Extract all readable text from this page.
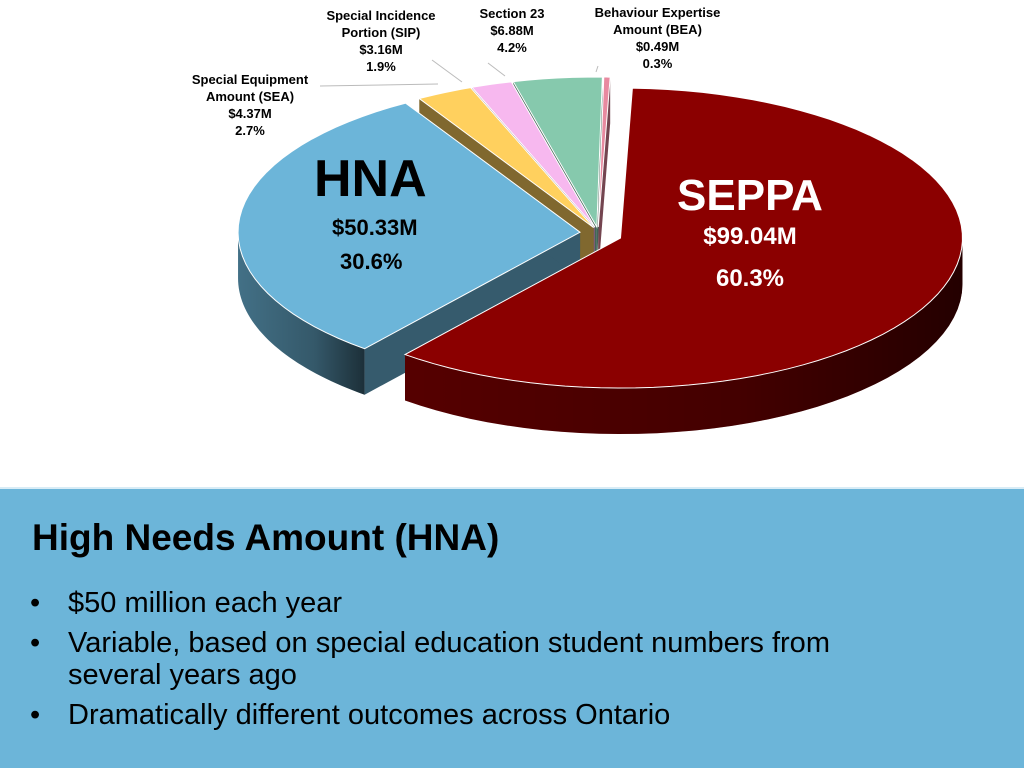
SEPPA
$99.04M
60.3%
HNA
$50.33M
30.6%
Special Equipment
Amount (SEA)
$4.37M
2.7%
Special Incidence
Portion (SIP)
$3.16M
1.9%
Section 23
$6.88M
4.2%
Behaviour Expertise
Amount (BEA)
$0.49M
0.3%
High Needs Amount (HNA)
• $50 million each year
• Variable, based on special education student numbers from several years ago
• Dramatically different outcomes across Ontario
